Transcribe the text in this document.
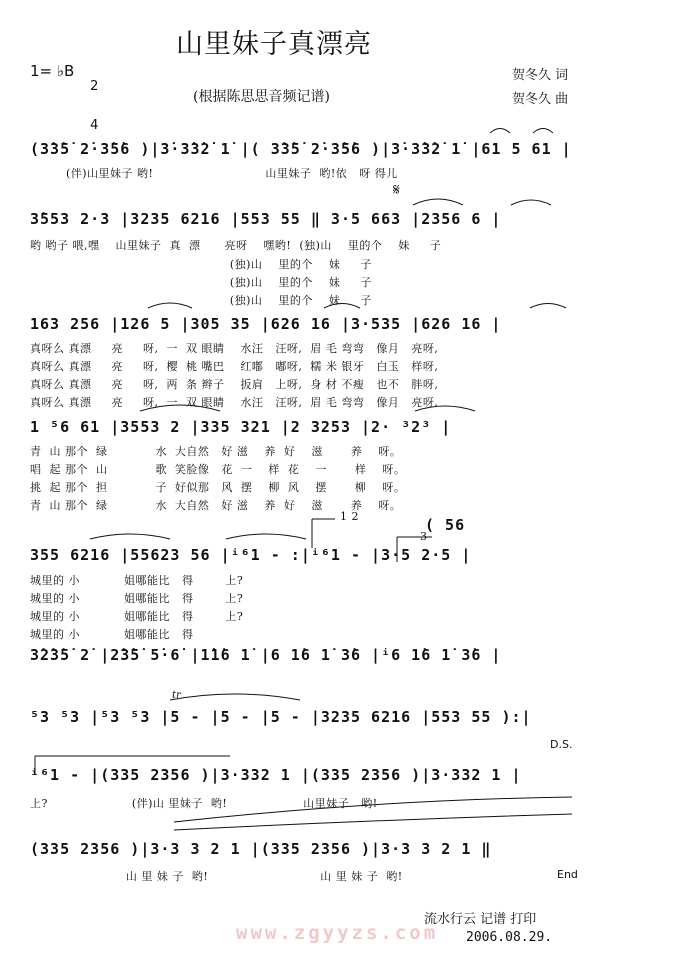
山里妹子真漂亮
1= ♭B

2

4

贺冬久 词
贺冬久 曲
(根据陈思思音频记谱)
(3̇3̇5̇ 2̇·3̇5̇6 )|3̇·3̇3̇2̇ 1̇ |( 3̇3̇5̇ 2̇·3̇5̇6 )|3̇·3̇3̇2̇ 1̇ |61 5 61 |
(伴)山里妹子 哟!                            山里妹子  哟!依   呀 得儿
𝄋
3̇553 2·3 |3235 6216 |553 55 ‖ 3·5 663 |2356 6 |
哟 哟子 喂,嘿    山里妹子  真  漂      亮呀    嘿哟!  (独)山    里的个    妹     子
(独)山    里的个    妹     子
(独)山    里的个    妹     子
(独)山    里的个    妹     子
163 256 |126 5 |305 35 |626 16 |3·535 |626 16 |
真呀么 真漂     亮     呀,  一  双 眼睛    水汪   汪呀,  眉 毛 弯弯   像月   亮呀,
真呀么 真漂     亮     呀,  樱  桃 嘴巴    红嘟   嘟呀,  糯 米 银牙   白玉   样呀,
真呀么 真漂     亮     呀,  两  条 辫子    扳肩   上呀,  身 材 不瘦   也不   胖呀,
真呀么 真漂     亮     呀,  一  双 眼睛    水汪   汪呀,  眉 毛 弯弯   像月   亮呀,
1 ⁵6 61 |3553 2 |335 321 |2 3253 |2· ³2³ |
青  山 那个  绿            水  大自然   好 滋    养  好    滋       养    呀。
唱  起 那个  山            歌  笑脸像   花  一    样  花    一       样    呀。
挑  起 那个  担            子  好似那   风  摆    柳  风    摆       柳    呀。
青  山 那个  绿            水  大自然   好 滋    养  好    滋       养    呀。
1 2
3
( 56
355 6216 |55623 56 |ⁱ⁶1 - :|ⁱ⁶1 - |3·5 2·5 |
城里的 小           姐哪能比   得        上?
城里的 小           姐哪能比   得        上?
城里的 小           姐哪能比   得        上?
城里的 小           姐哪能比   得
3̇2̇3̇5̇ 2̇ |2̇3̇5̇ 5̇·6̇ |1̇1̇6 1̇ |6 1̇6 1̇ 3̇6 |ⁱ6 1̇6 1̇ 3̇6 |
tr
⁵3 ⁵3 |⁵3 ⁵3 |5 - |5 - |5 - |3235 6216 |553 55 ):|
D.S.
ⁱ⁶1 - |(335 2356 )|3·332 1 |(335 2356 )|3·332 1 |
上?                     (伴)山 里妹子  哟!                   山里妹子   哟!
(335 2356 )|3·3 3 2 1 |(335 2356 )|3·3 3 2 1 ‖
山 里 妹 子  哟!                            山 里 妹 子  哟!	End
流水行云 记谱 打印
www.zgyyzs.com 2006.08.29.
